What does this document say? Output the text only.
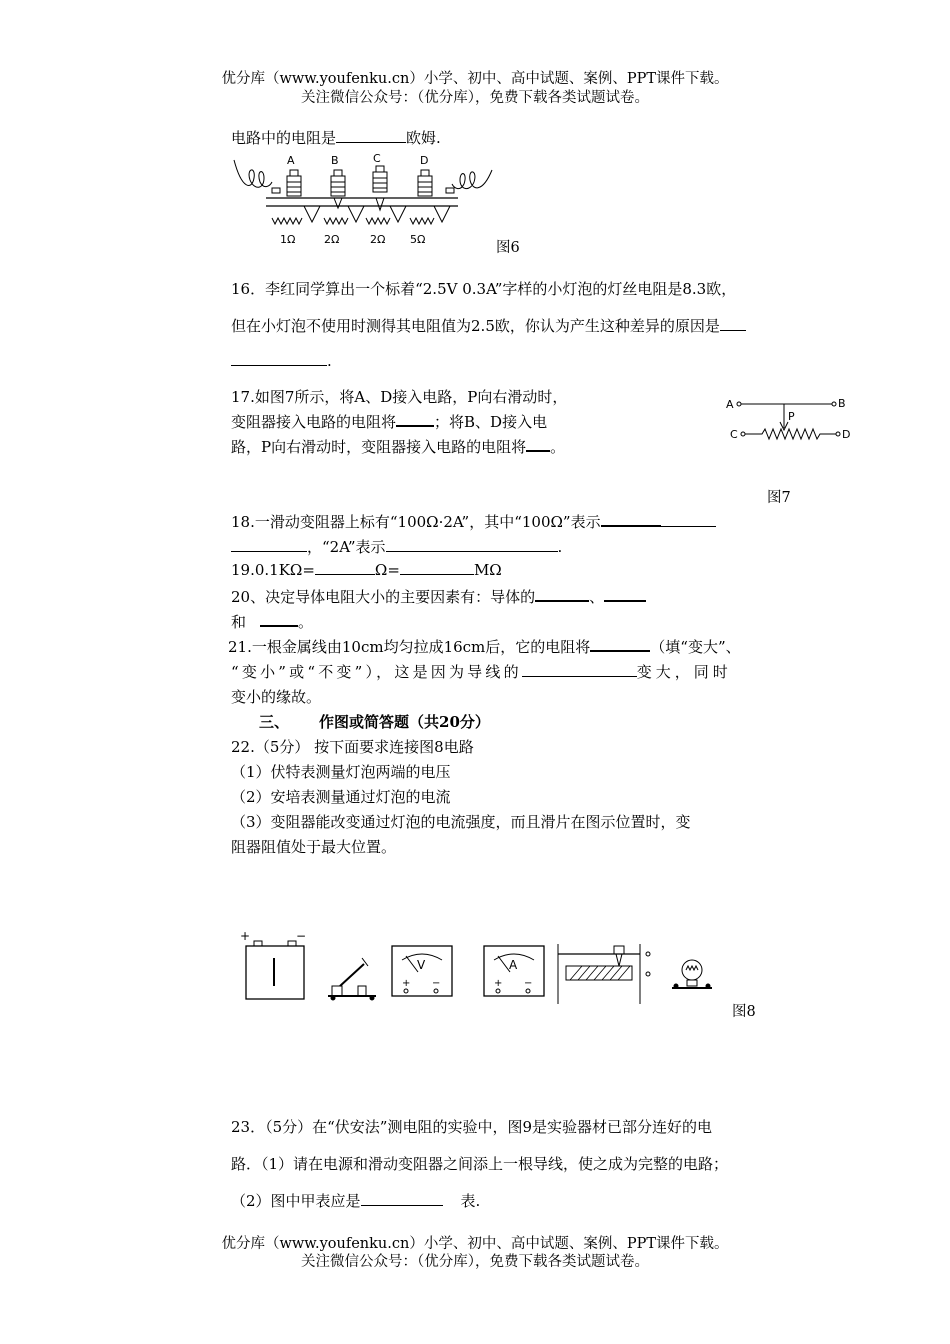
优分库（www.youfenku.cn）小学、初中、高中试题、案例、PPT课件下载。
关注微信公众号：（优分库），免费下载各类试题试卷。
电路中的电阻是	欧姆.
A	B	C	D
1Ω	2Ω	2Ω 5Ω
图6
16．李红同学算出一个标着“2.5V 0.3A”字样的小灯泡的灯丝电阻是8.3欧，
但在小灯泡不使用时测得其电阻值为2.5欧，你认为产生这种差异的原因是
.
17.如图7所示，将A、D接入电路，P向右滑动时，
变阻器接入电路的电阻将	；将B、D接入电
路，P向右滑动时，变阻器接入电路的电阻将 。
A	B
C	D
P
图7
18.一滑动变阻器上标有“100Ω·2A”，其中“100Ω”表示
，“2A”表示	.
19.0.1KΩ=	Ω=	MΩ
20、决定导体电阻大小的主要因素有：导体的	、
和	。
21.一根金属线由10cm均匀拉成16cm后，它的电阻将	（填“变大”、
“变小”或“不变”），这是因为导线的	变大，同时
变小的缘故。
三、 作图或简答题（共20分）
22.（5分） 按下面要求连接图8电路
（1）伏特表测量灯泡两端的电压
（2）安培表测量通过灯泡的电流
（3）变阻器能改变通过灯泡的电流强度，而且滑片在图示位置时，变
阻器阻值处于最大位置。
+	−
V
+ −
A
+ −
图8
23．（5分）在“伏安法”测电阻的实验中，图9是实验器材已部分连好的电
路．（1）请在电源和滑动变阻器之间添上一根导线，使之成为完整的电路；
（2）图中甲表应是	表.
优分库（www.youfenku.cn）小学、初中、高中试题、案例、PPT课件下载。
关注微信公众号：（优分库），免费下载各类试题试卷。
